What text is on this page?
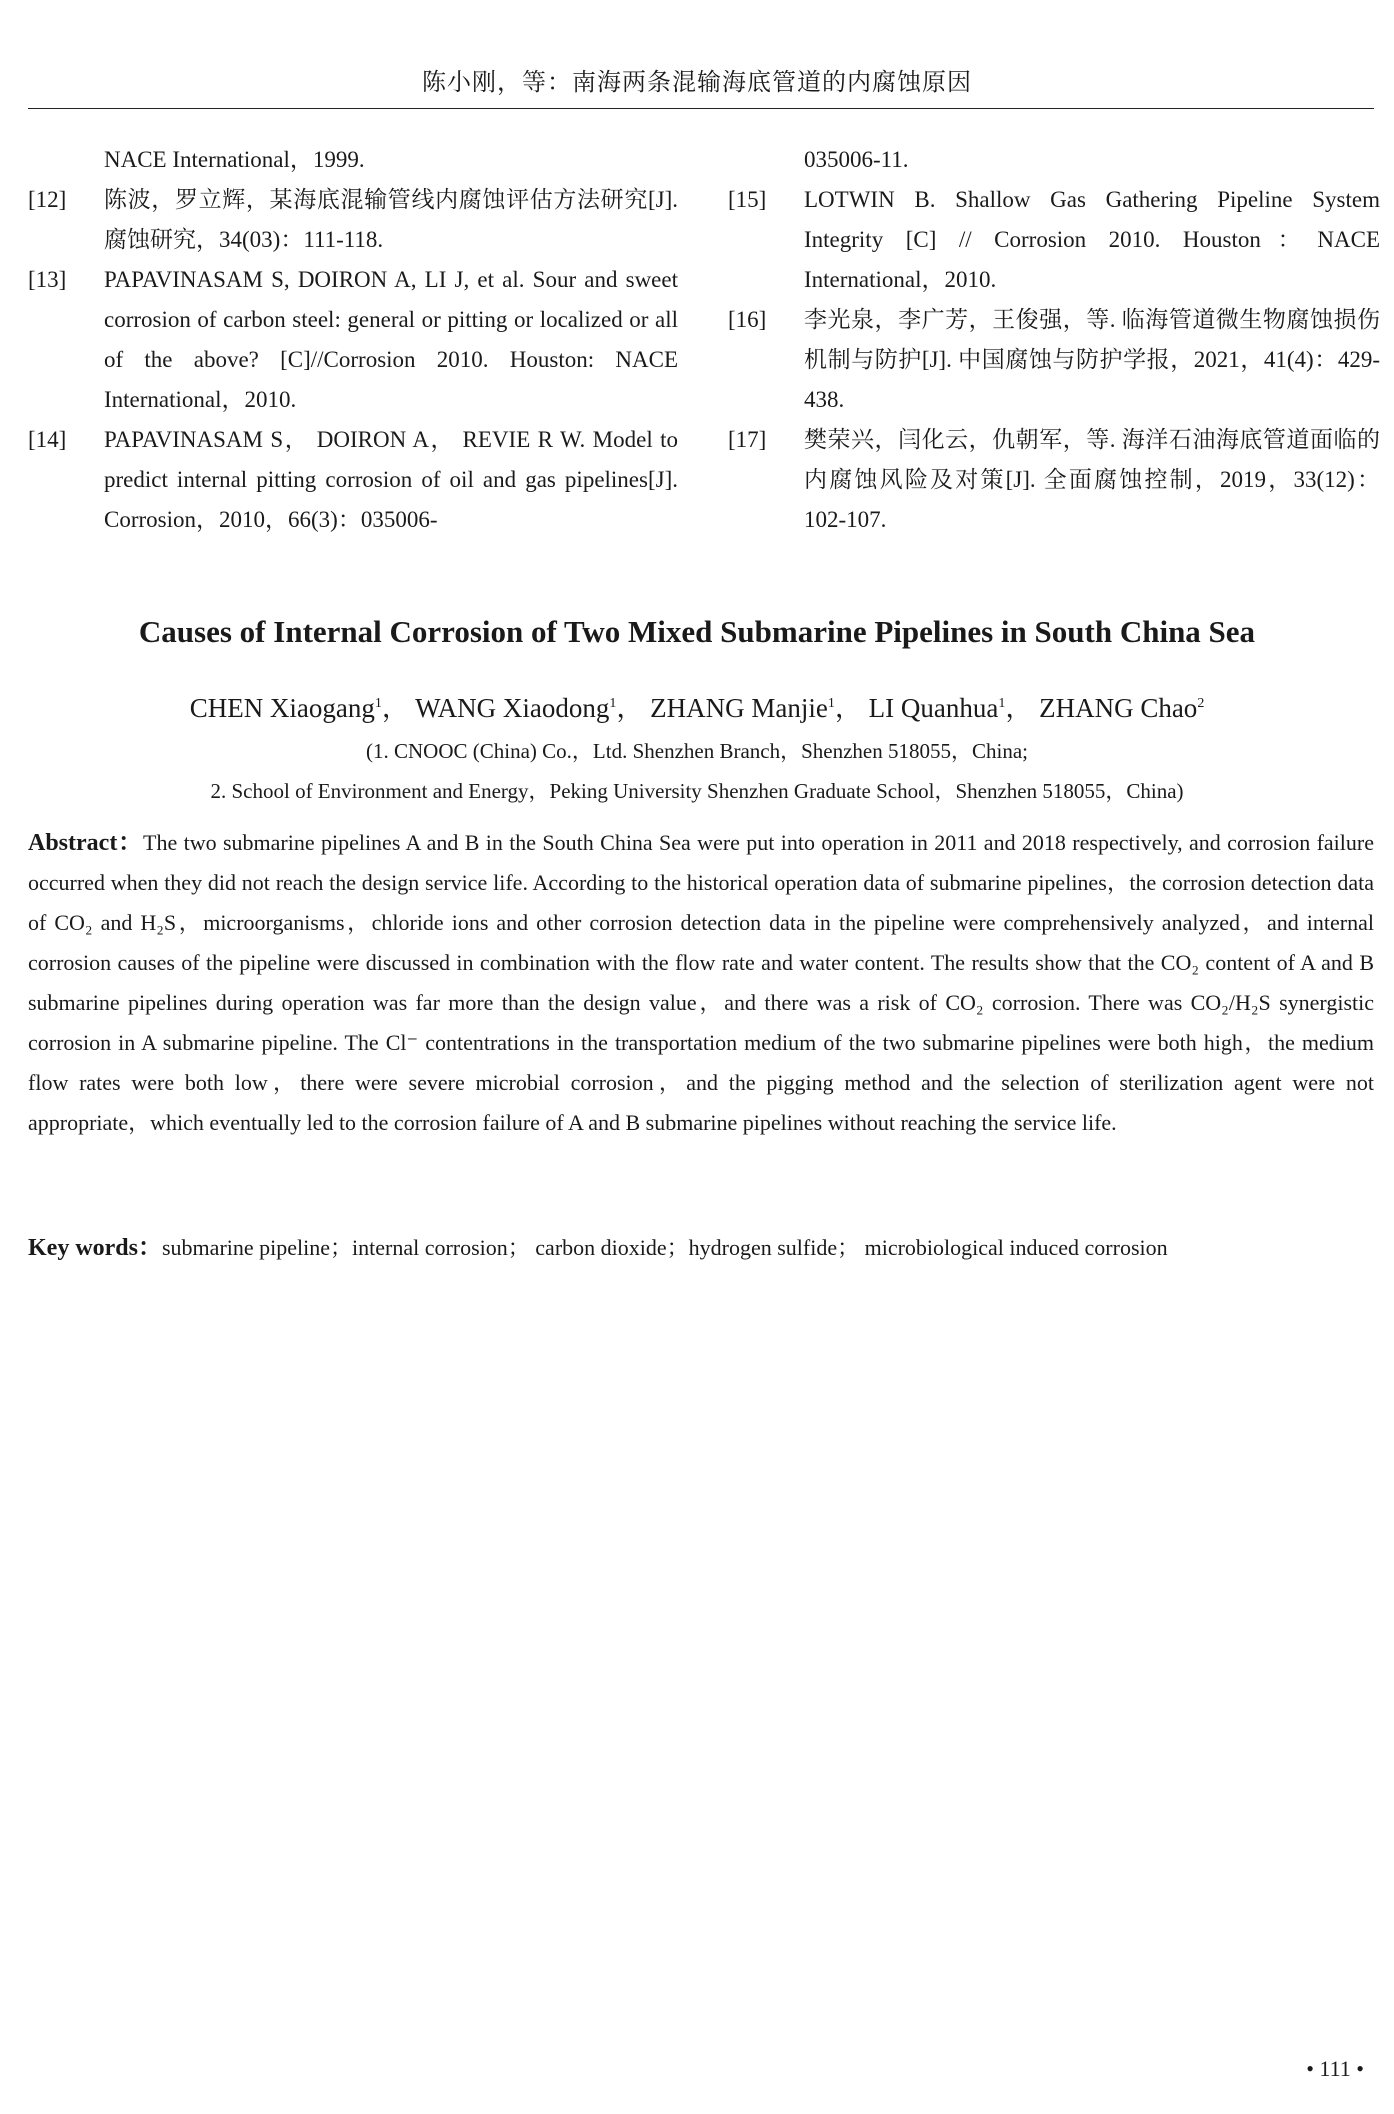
陈小刚，等：南海两条混输海底管道的内腐蚀原因
NACE International，1999.
[12] 陈波，罗立辉，某海底混输管线内腐蚀评估方法研究[J]. 腐蚀研究，34(03)：111-118.
[13] PAPAVINASAM S, DOIRON A, LI J, et al. Sour and sweet corrosion of carbon steel: general or pitting or localized or all of the above? [C]//Corrosion 2010. Houston: NACE International，2010.
[14] PAPAVINASAM S， DOIRON A， REVIE R W. Model to predict internal pitting corrosion of oil and gas pipelines[J]. Corrosion，2010，66(3)：035006-
035006-11.
[15] LOTWIN B. Shallow Gas Gathering Pipeline System Integrity [C] // Corrosion 2010. Houston：NACE International，2010.
[16] 李光泉，李广芳，王俊强，等. 临海管道微生物腐蚀损伤机制与防护[J]. 中国腐蚀与防护学报，2021，41(4)：429-438.
[17] 樊荣兴，闫化云，仇朝军，等. 海洋石油海底管道面临的内腐蚀风险及对策[J]. 全面腐蚀控制，2019，33(12)：102-107.
Causes of Internal Corrosion of Two Mixed Submarine Pipelines in South China Sea
CHEN Xiaogang$^1$， WANG Xiaodong$^1$， ZHANG Manjie$^1$， LI Quanhua$^1$， ZHANG Chao$^2$
(1. CNOOC (China) Co.，Ltd. Shenzhen Branch，Shenzhen 518055，China;
2. School of Environment and Energy，Peking University Shenzhen Graduate School，Shenzhen 518055，China)
Abstract：The two submarine pipelines A and B in the South China Sea were put into operation in 2011 and 2018 respectively, and corrosion failure occurred when they did not reach the design service life. According to the historical operation data of submarine pipelines，the corrosion detection data of CO₂ and H₂S，microorganisms，chloride ions and other corrosion detection data in the pipeline were comprehensively analyzed，and internal corrosion causes of the pipeline were discussed in combination with the flow rate and water content. The results show that the CO₂ content of A and B submarine pipelines during operation was far more than the design value，and there was a risk of CO₂ corrosion. There was CO₂/H₂S synergistic corrosion in A submarine pipeline. The Cl⁻ contentrations in the transportation medium of the two submarine pipelines were both high，the medium flow rates were both low，there were severe microbial corrosion，and the pigging method and the selection of sterilization agent were not appropriate，which eventually led to the corrosion failure of A and B submarine pipelines without reaching the service life.
Key words：submarine pipeline；internal corrosion； carbon dioxide；hydrogen sulfide； microbiological induced corrosion
• 111 •
